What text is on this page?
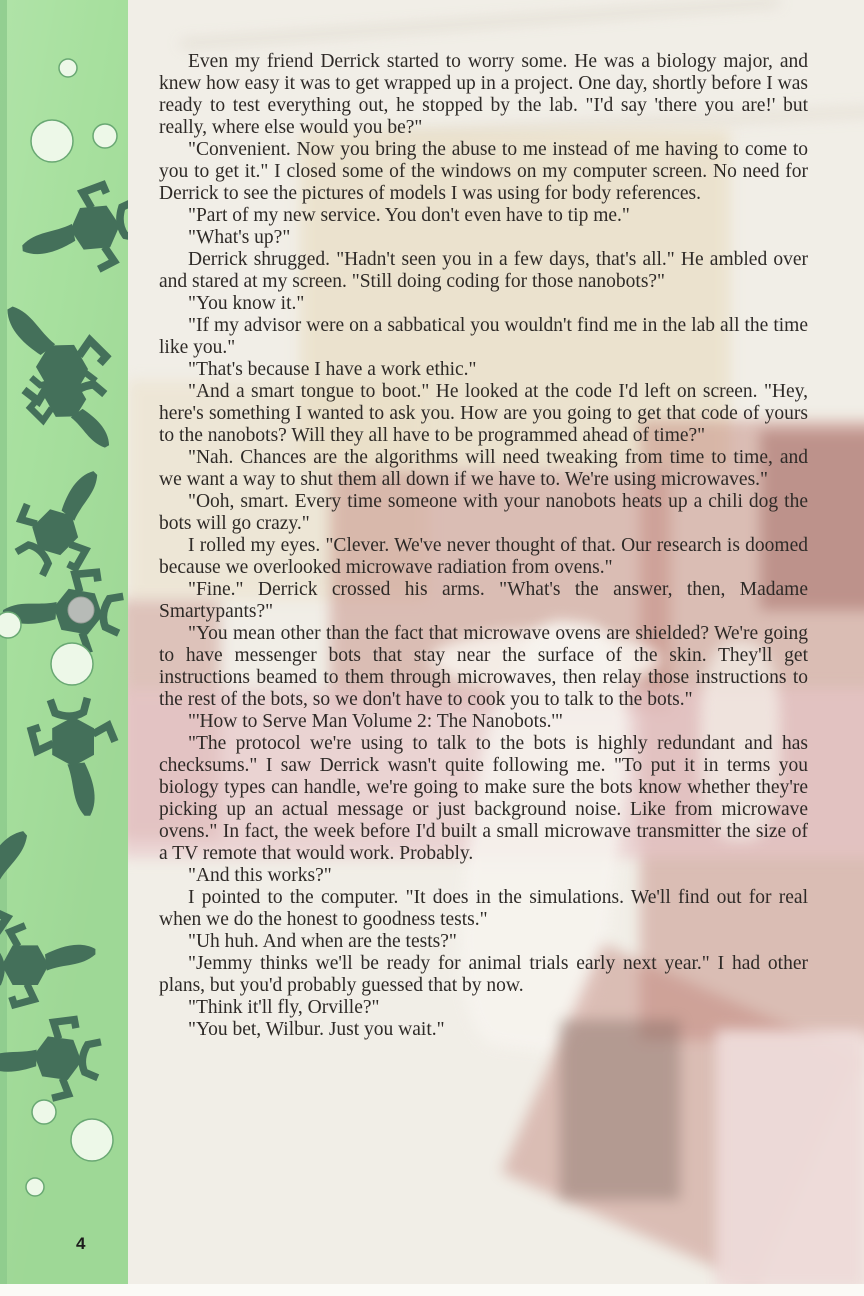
4

Even my friend Derrick started to worry some. He was a biology major, and knew how easy it was to get wrapped up in a project. One day, shortly before I was ready to test everything out, he stopped by the lab. "I'd say 'there you are!' but really, where else would you be?"

"Convenient. Now you bring the abuse to me instead of me having to come to you to get it." I closed some of the windows on my computer screen. No need for Derrick to see the pictures of models I was using for body references.

"Part of my new service. You don't even have to tip me."

"What's up?"

Derrick shrugged. "Hadn't seen you in a few days, that's all." He ambled over and stared at my screen. "Still doing coding for those nanobots?"

"You know it."

"If my advisor were on a sabbatical you wouldn't find me in the lab all the time like you."

"That's because I have a work ethic."

"And a smart tongue to boot." He looked at the code I'd left on screen. "Hey, here's something I wanted to ask you. How are you going to get that code of yours to the nanobots? Will they all have to be programmed ahead of time?"

"Nah. Chances are the algorithms will need tweaking from time to time, and we want a way to shut them all down if we have to. We're using microwaves."

"Ooh, smart. Every time someone with your nanobots heats up a chili dog the bots will go crazy."

I rolled my eyes. "Clever. We've never thought of that. Our research is doomed because we overlooked microwave radiation from ovens."

"Fine." Derrick crossed his arms. "What's the answer, then, Madame Smartypants?"

"You mean other than the fact that microwave ovens are shielded? We're going to have messenger bots that stay near the surface of the skin. They'll get instructions beamed to them through microwaves, then relay those instructions to the rest of the bots, so we don't have to cook you to talk to the bots."

"'How to Serve Man Volume 2: The Nanobots.'"

"The protocol we're using to talk to the bots is highly redundant and has checksums." I saw Derrick wasn't quite following me. "To put it in terms you biology types can handle, we're going to make sure the bots know whether they're picking up an actual message or just background noise. Like from microwave ovens." In fact, the week before I'd built a small microwave transmitter the size of a TV remote that would work. Probably.

"And this works?"

I pointed to the computer. "It does in the simulations. We'll find out for real when we do the honest to goodness tests."

"Uh huh. And when are the tests?"

"Jemmy thinks we'll be ready for animal trials early next year." I had other plans, but you'd probably guessed that by now.

"Think it'll fly, Orville?"

"You bet, Wilbur. Just you wait."
